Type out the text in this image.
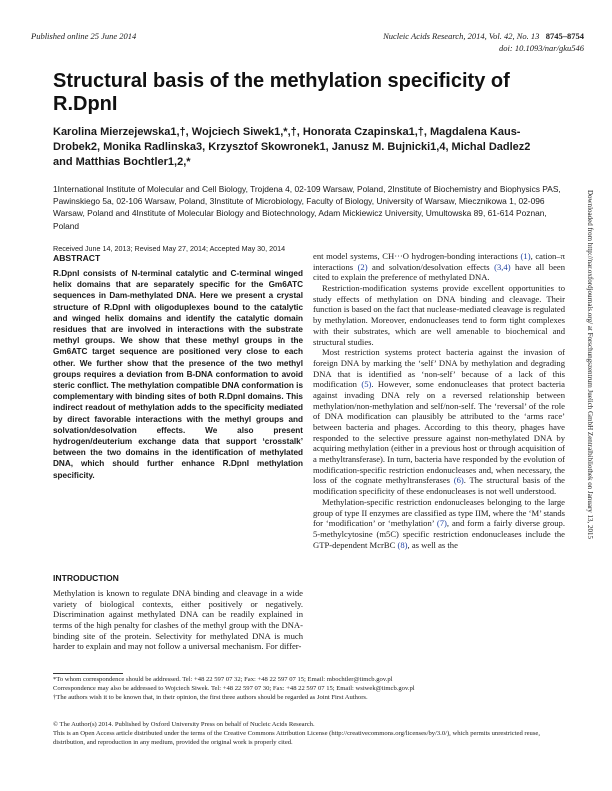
Published online 25 June 2014	Nucleic Acids Research, 2014, Vol. 42, No. 13 8745–8754
doi: 10.1093/nar/gku546
Structural basis of the methylation specificity of R.DpnI
Karolina Mierzejewska1,†, Wojciech Siwek1,*,†, Honorata Czapinska1,†, Magdalena Kaus-Drobek2, Monika Radlinska3, Krzysztof Skowronek1, Janusz M. Bujnicki1,4, Michal Dadlez2 and Matthias Bochtler1,2,*
1International Institute of Molecular and Cell Biology, Trojdena 4, 02-109 Warsaw, Poland, 2Institute of Biochemistry and Biophysics PAS, Pawinskiego 5a, 02-106 Warsaw, Poland, 3Institute of Microbiology, Faculty of Biology, University of Warsaw, Miecznikowa 1, 02-096 Warsaw, Poland and 4Institute of Molecular Biology and Biotechnology, Adam Mickiewicz University, Umultowska 89, 61-614 Poznan, Poland
Received June 14, 2013; Revised May 27, 2014; Accepted May 30, 2014
ABSTRACT
R.DpnI consists of N-terminal catalytic and C-terminal winged helix domains that are separately specific for the Gm6ATC sequences in Dam-methylated DNA. Here we present a crystal structure of R.DpnI with oligoduplexes bound to the catalytic and winged helix domains and identify the catalytic domain residues that are involved in interactions with the substrate methyl groups. We show that these methyl groups in the Gm6ATC target sequence are positioned very close to each other. We further show that the presence of the two methyl groups requires a deviation from B-DNA conformation to avoid steric conflict. The methylation compatible DNA conformation is complementary with binding sites of both R.DpnI domains. This indirect readout of methylation adds to the specificity mediated by direct favorable interactions with the methyl groups and solvation/desolvation effects. We also present hydrogen/deuterium exchange data that support ‘crosstalk’ between the two domains in the identification of methylated DNA, which should further enhance R.DpnI methylation specificity.
INTRODUCTION

Methylation is known to regulate DNA binding and cleavage in a wide variety of biological contexts, either positively or negatively. Discrimination against methylated DNA can be readily explained in terms of the high penalty for clashes of the methyl group with the DNA-binding site of the protein. Selectivity for methylated DNA is much harder to explain and may not follow a universal mechanism. For differ-

ent model systems, CH···O hydrogen-bonding interactions (1), cation–π interactions (2) and solvation/desolvation effects (3,4) have all been cited to explain the preference of methylated DNA.

Restriction-modification systems provide excellent opportunities to study effects of methylation on DNA binding and cleavage. Their function is based on the fact that nuclease-mediated cleavage is regulated by methylation. Moreover, endonucleases tend to form tight complexes with their substrates, which are well amenable to biochemical and structural studies.

Most restriction systems protect bacteria against the invasion of foreign DNA by marking the ‘self’ DNA by methylation and degrading DNA that is identified as ‘non-self’ because of a lack of this modification (5). However, some endonucleases that protect bacteria against invading DNA rely on a reversed relationship between methylation/non-methylation and self/non-self. The ‘reversal’ of the role of DNA modification can plausibly be attributed to the ‘arms race’ between bacteria and phages. According to this theory, phages have responded to the selective pressure against non-methylated DNA by acquiring methylation (either in a previous host or through acquisition of a methyltransferase). In turn, bacteria have responded by the evolution of modification-specific restriction endonucleases and, when necessary, the loss of the cognate methyltransferases (6). The structural basis of the modification specificity of these endonucleases is not well understood.

Methylation-specific restriction endonucleases belonging to the large group of type II enzymes are classified as type IIM, where the ‘M’ stands for ‘modification’ or ‘methylation’ (7), and form a fairly diverse group. 5-methylcytosine (m5C) specific restriction endonucleases include the GTP-dependent McrBC (8), as well as the

*To whom correspondence should be addressed. Tel: +48 22 597 07 32; Fax: +48 22 597 07 15; Email: mbochtler@iimcb.gov.pl
Correspondence may also be addressed to Wojciech Siwek. Tel: +48 22 597 07 30; Fax: +48 22 597 07 15; Email: wsiwek@iimcb.gov.pl
†The authors wish it to be known that, in their opinion, the first three authors should be regarded as Joint First Authors.
© The Author(s) 2014. Published by Oxford University Press on behalf of Nucleic Acids Research.
This is an Open Access article distributed under the terms of the Creative Commons Attribution License (http://creativecommons.org/licenses/by/3.0/), which permits unrestricted reuse, distribution, and reproduction in any medium, provided the original work is properly cited.
Downloaded from http://nar.oxfordjournals.org/ at Forschungszentrum Juelich GmbH Zentralbibliothek on January 13, 2015
